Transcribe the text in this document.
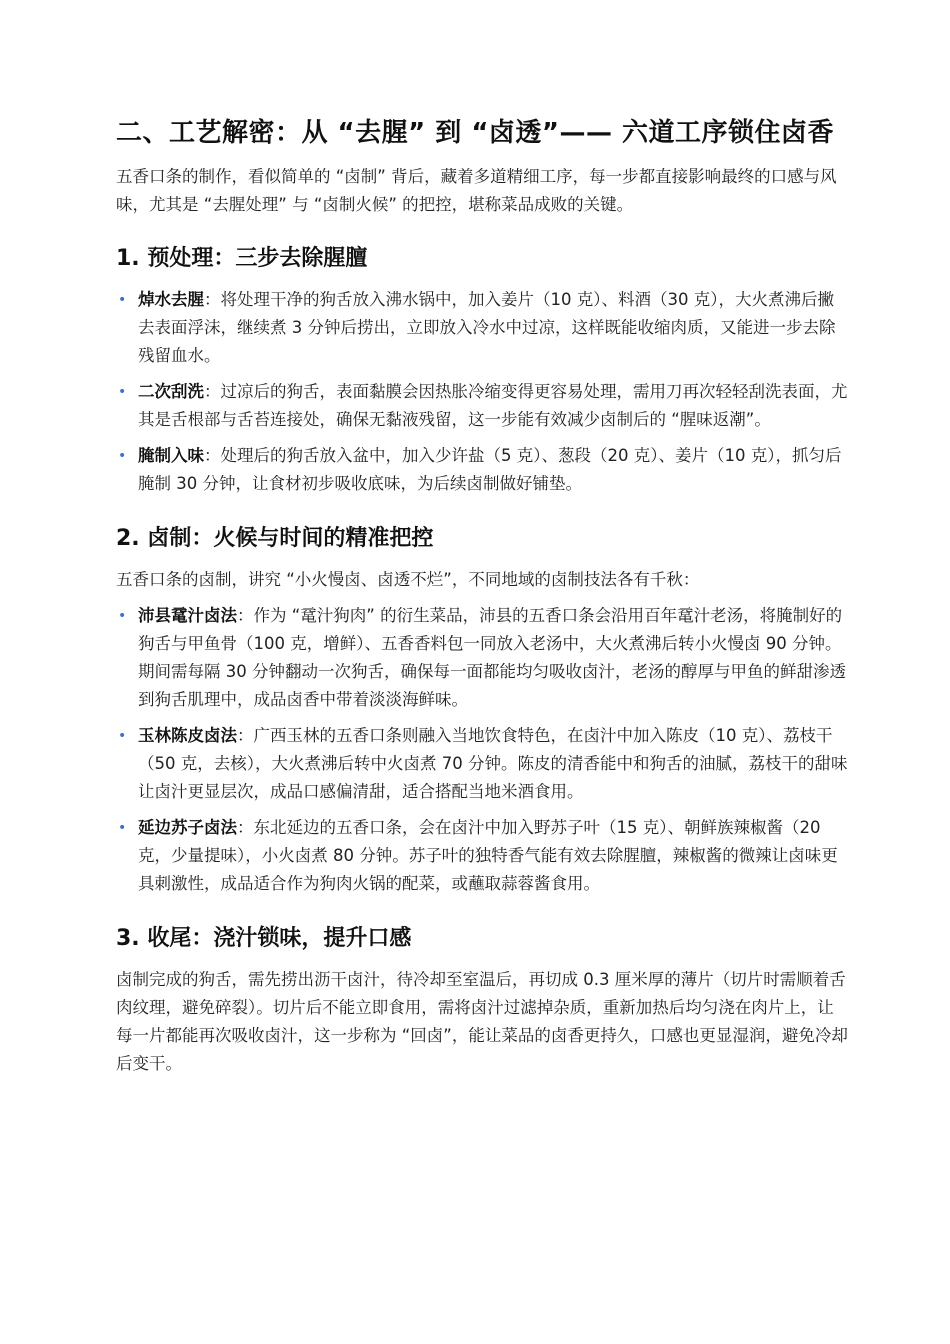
二、工艺解密：从 “去腥” 到 “卤透”—— 六道工序锁住卤香

五香口条的制作，看似简单的 “卤制” 背后，藏着多道精细工序，每一步都直接影响最终的口感与风味，尤其是 “去腥处理” 与 “卤制火候” 的把控，堪称菜品成败的关键。

1. 预处理：三步去除腥膻
• 焯水去腥：将处理干净的狗舌放入沸水锅中，加入姜片（10 克）、料酒（30 克），大火煮沸后撇去表面浮沫，继续煮 3 分钟后捞出，立即放入冷水中过凉，这样既能收缩肉质，又能进一步去除残留血水。
• 二次刮洗：过凉后的狗舌，表面黏膜会因热胀冷缩变得更容易处理，需用刀再次轻轻刮洗表面，尤其是舌根部与舌苔连接处，确保无黏液残留，这一步能有效减少卤制后的 “腥味返潮”。
• 腌制入味：处理后的狗舌放入盆中，加入少许盐（5 克）、葱段（20 克）、姜片（10 克），抓匀后腌制 30 分钟，让食材初步吸收底味，为后续卤制做好铺垫。
2. 卤制：火候与时间的精准把控

五香口条的卤制，讲究 “小火慢卤、卤透不烂”，不同地域的卤制技法各有千秋：

• 沛县鼋汁卤法：作为 “鼋汁狗肉” 的衍生菜品，沛县的五香口条会沿用百年鼋汁老汤，将腌制好的狗舌与甲鱼骨（100 克，增鲜）、五香香料包一同放入老汤中，大火煮沸后转小火慢卤 90 分钟。期间需每隔 30 分钟翻动一次狗舌，确保每一面都能均匀吸收卤汁，老汤的醇厚与甲鱼的鲜甜渗透到狗舌肌理中，成品卤香中带着淡淡海鲜味。
• 玉林陈皮卤法：广西玉林的五香口条则融入当地饮食特色，在卤汁中加入陈皮（10 克）、荔枝干（50 克，去核），大火煮沸后转中火卤煮 70 分钟。陈皮的清香能中和狗舌的油腻，荔枝干的甜味让卤汁更显层次，成品口感偏清甜，适合搭配当地米酒食用。
• 延边苏子卤法：东北延边的五香口条，会在卤汁中加入野苏子叶（15 克）、朝鲜族辣椒酱（20 克，少量提味），小火卤煮 80 分钟。苏子叶的独特香气能有效去除腥膻，辣椒酱的微辣让卤味更具刺激性，成品适合作为狗肉火锅的配菜，或蘸取蒜蓉酱食用。
3. 收尾：浇汁锁味，提升口感

卤制完成的狗舌，需先捞出沥干卤汁，待冷却至室温后，再切成 0.3 厘米厚的薄片（切片时需顺着舌肉纹理，避免碎裂）。切片后不能立即食用，需将卤汁过滤掉杂质，重新加热后均匀浇在肉片上，让每一片都能再次吸收卤汁，这一步称为 “回卤”，能让菜品的卤香更持久，口感也更显湿润，避免冷却后变干。
